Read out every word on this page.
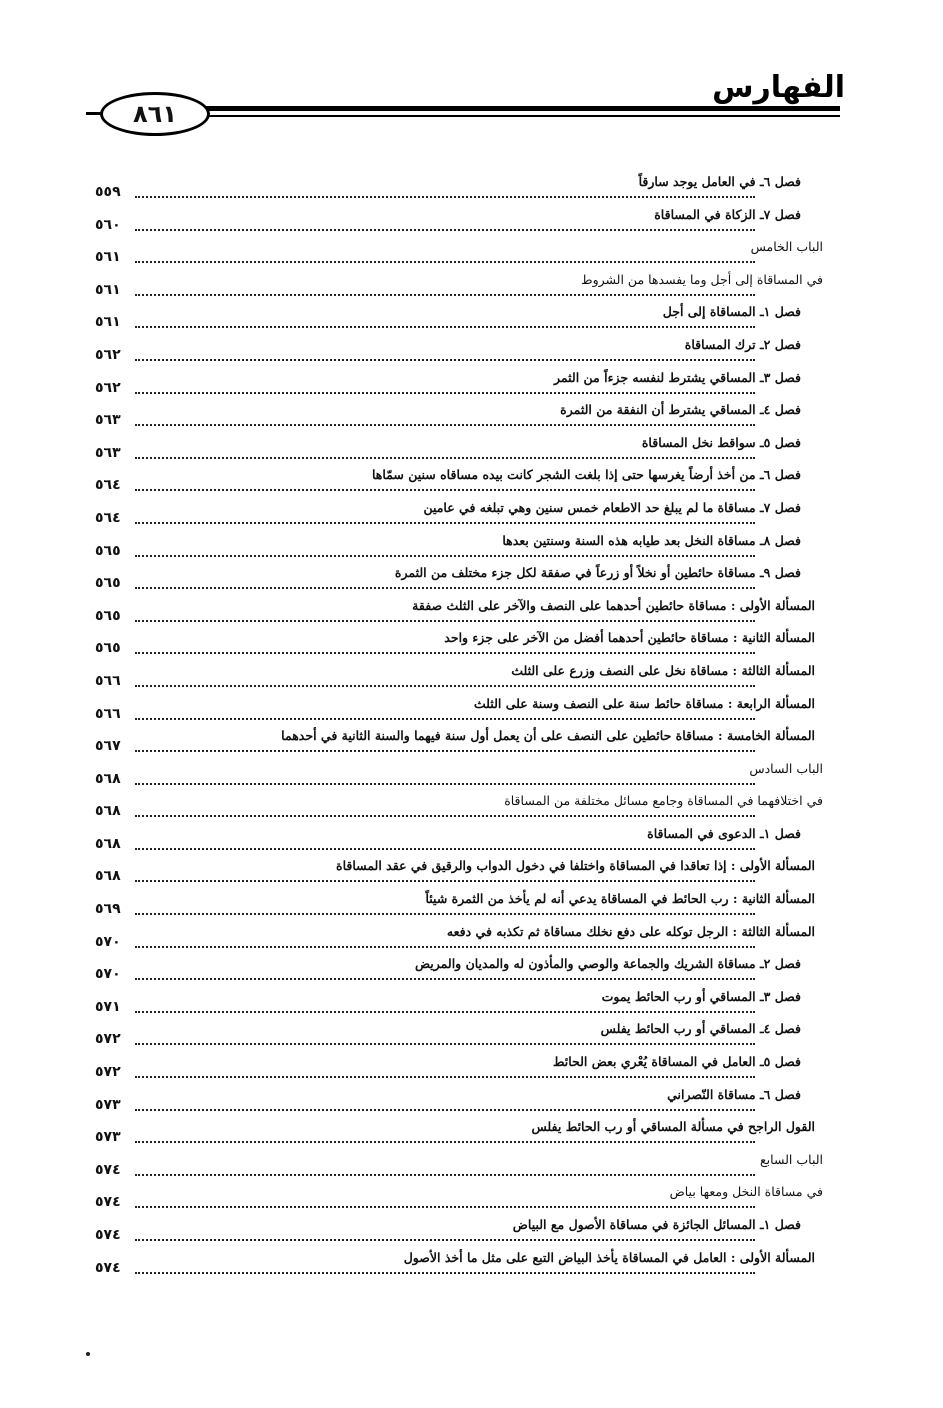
الفهارس
٨٦١
فصل ٦ـ في العامل يوجد سارقاً
٥٥٩
فصل ٧ـ الزكاة في المساقاة
٥٦٠
الباب الخامس
٥٦١
في المساقاة إلى أجل وما يفسدها من الشروط
٥٦١
فصل ١ـ المساقاة إلى أجل
٥٦١
فصل ٢ـ ترك المساقاة
٥٦٢
فصل ٣ـ المساقي يشترط لنفسه جزءاً من الثمر
٥٦٢
فصل ٤ـ المساقي يشترط أن النفقة من الثمرة
٥٦٣
فصل ٥ـ سواقط نخل المساقاة
٥٦٣
فصل ٦ـ من أخذ أرضاً يغرسها حتى إذا بلغت الشجر كانت بيده مساقاه سنين سمّاها
٥٦٤
فصل ٧ـ مساقاة ما لم يبلغ حد الاطعام خمس سنين وهي تبلغه في عامين
٥٦٤
فصل ٨ـ مساقاة النخل بعد طيابه هذه السنة وسنتين بعدها
٥٦٥
فصل ٩ـ مساقاة حائطين أو نخلاً أو زرعاً في صفقة لكل جزء مختلف من الثمرة
٥٦٥
المسألة الأولى : مساقاة حائطين أحدهما على النصف والآخر على الثلث صفقة
٥٦٥
المسألة الثانية : مساقاة حائطين أحدهما أفضل من الآخر على جزء واحد
٥٦٥
المسألة الثالثة : مساقاة نخل على النصف وزرع على الثلث
٥٦٦
المسألة الرابعة : مساقاة حائط سنة على النصف وسنة على الثلث
٥٦٦
المسألة الخامسة : مساقاة حائطين على النصف على أن يعمل أول سنة فيهما والسنة الثانية في أحدهما
٥٦٧
الباب السادس
٥٦٨
في اختلافهما في المساقاة وجامع مسائل مختلفة من المساقاة
٥٦٨
فصل ١ـ الدعوى في المساقاة
٥٦٨
المسألة الأولى : إذا تعاقدا في المساقاة واختلفا في دخول الدواب والرقيق في عقد المساقاة
٥٦٨
المسألة الثانية : رب الحائط في المساقاة يدعي أنه لم يأخذ من الثمرة شيئاً
٥٦٩
المسألة الثالثة : الرجل توكله على دفع نخلك مساقاة ثم تكذبه في دفعه
٥٧٠
فصل ٢ـ مساقاة الشريك والجماعة والوصي والمأذون له والمديان والمريض
٥٧٠
فصل ٣ـ المساقي أو رب الحائط يموت
٥٧١
فصل ٤ـ المساقي أو رب الحائط يفلس
٥٧٢
فصل ٥ـ العامل في المساقاة يُعْري بعض الحائط
٥٧٢
فصل ٦ـ مساقاة النّصراني
٥٧٣
القول الراجح في مسألة المساقي أو رب الحائط يفلس
٥٧٣
الباب السابع
٥٧٤
في مساقاة النخل ومعها بياض
٥٧٤
فصل ١ـ المسائل الجائزة في مساقاة الأصول مع البياض
٥٧٤
المسألة الأولى : العامل في المساقاة يأخذ البياض التبع على مثل ما أخذ الأصول
٥٧٤
